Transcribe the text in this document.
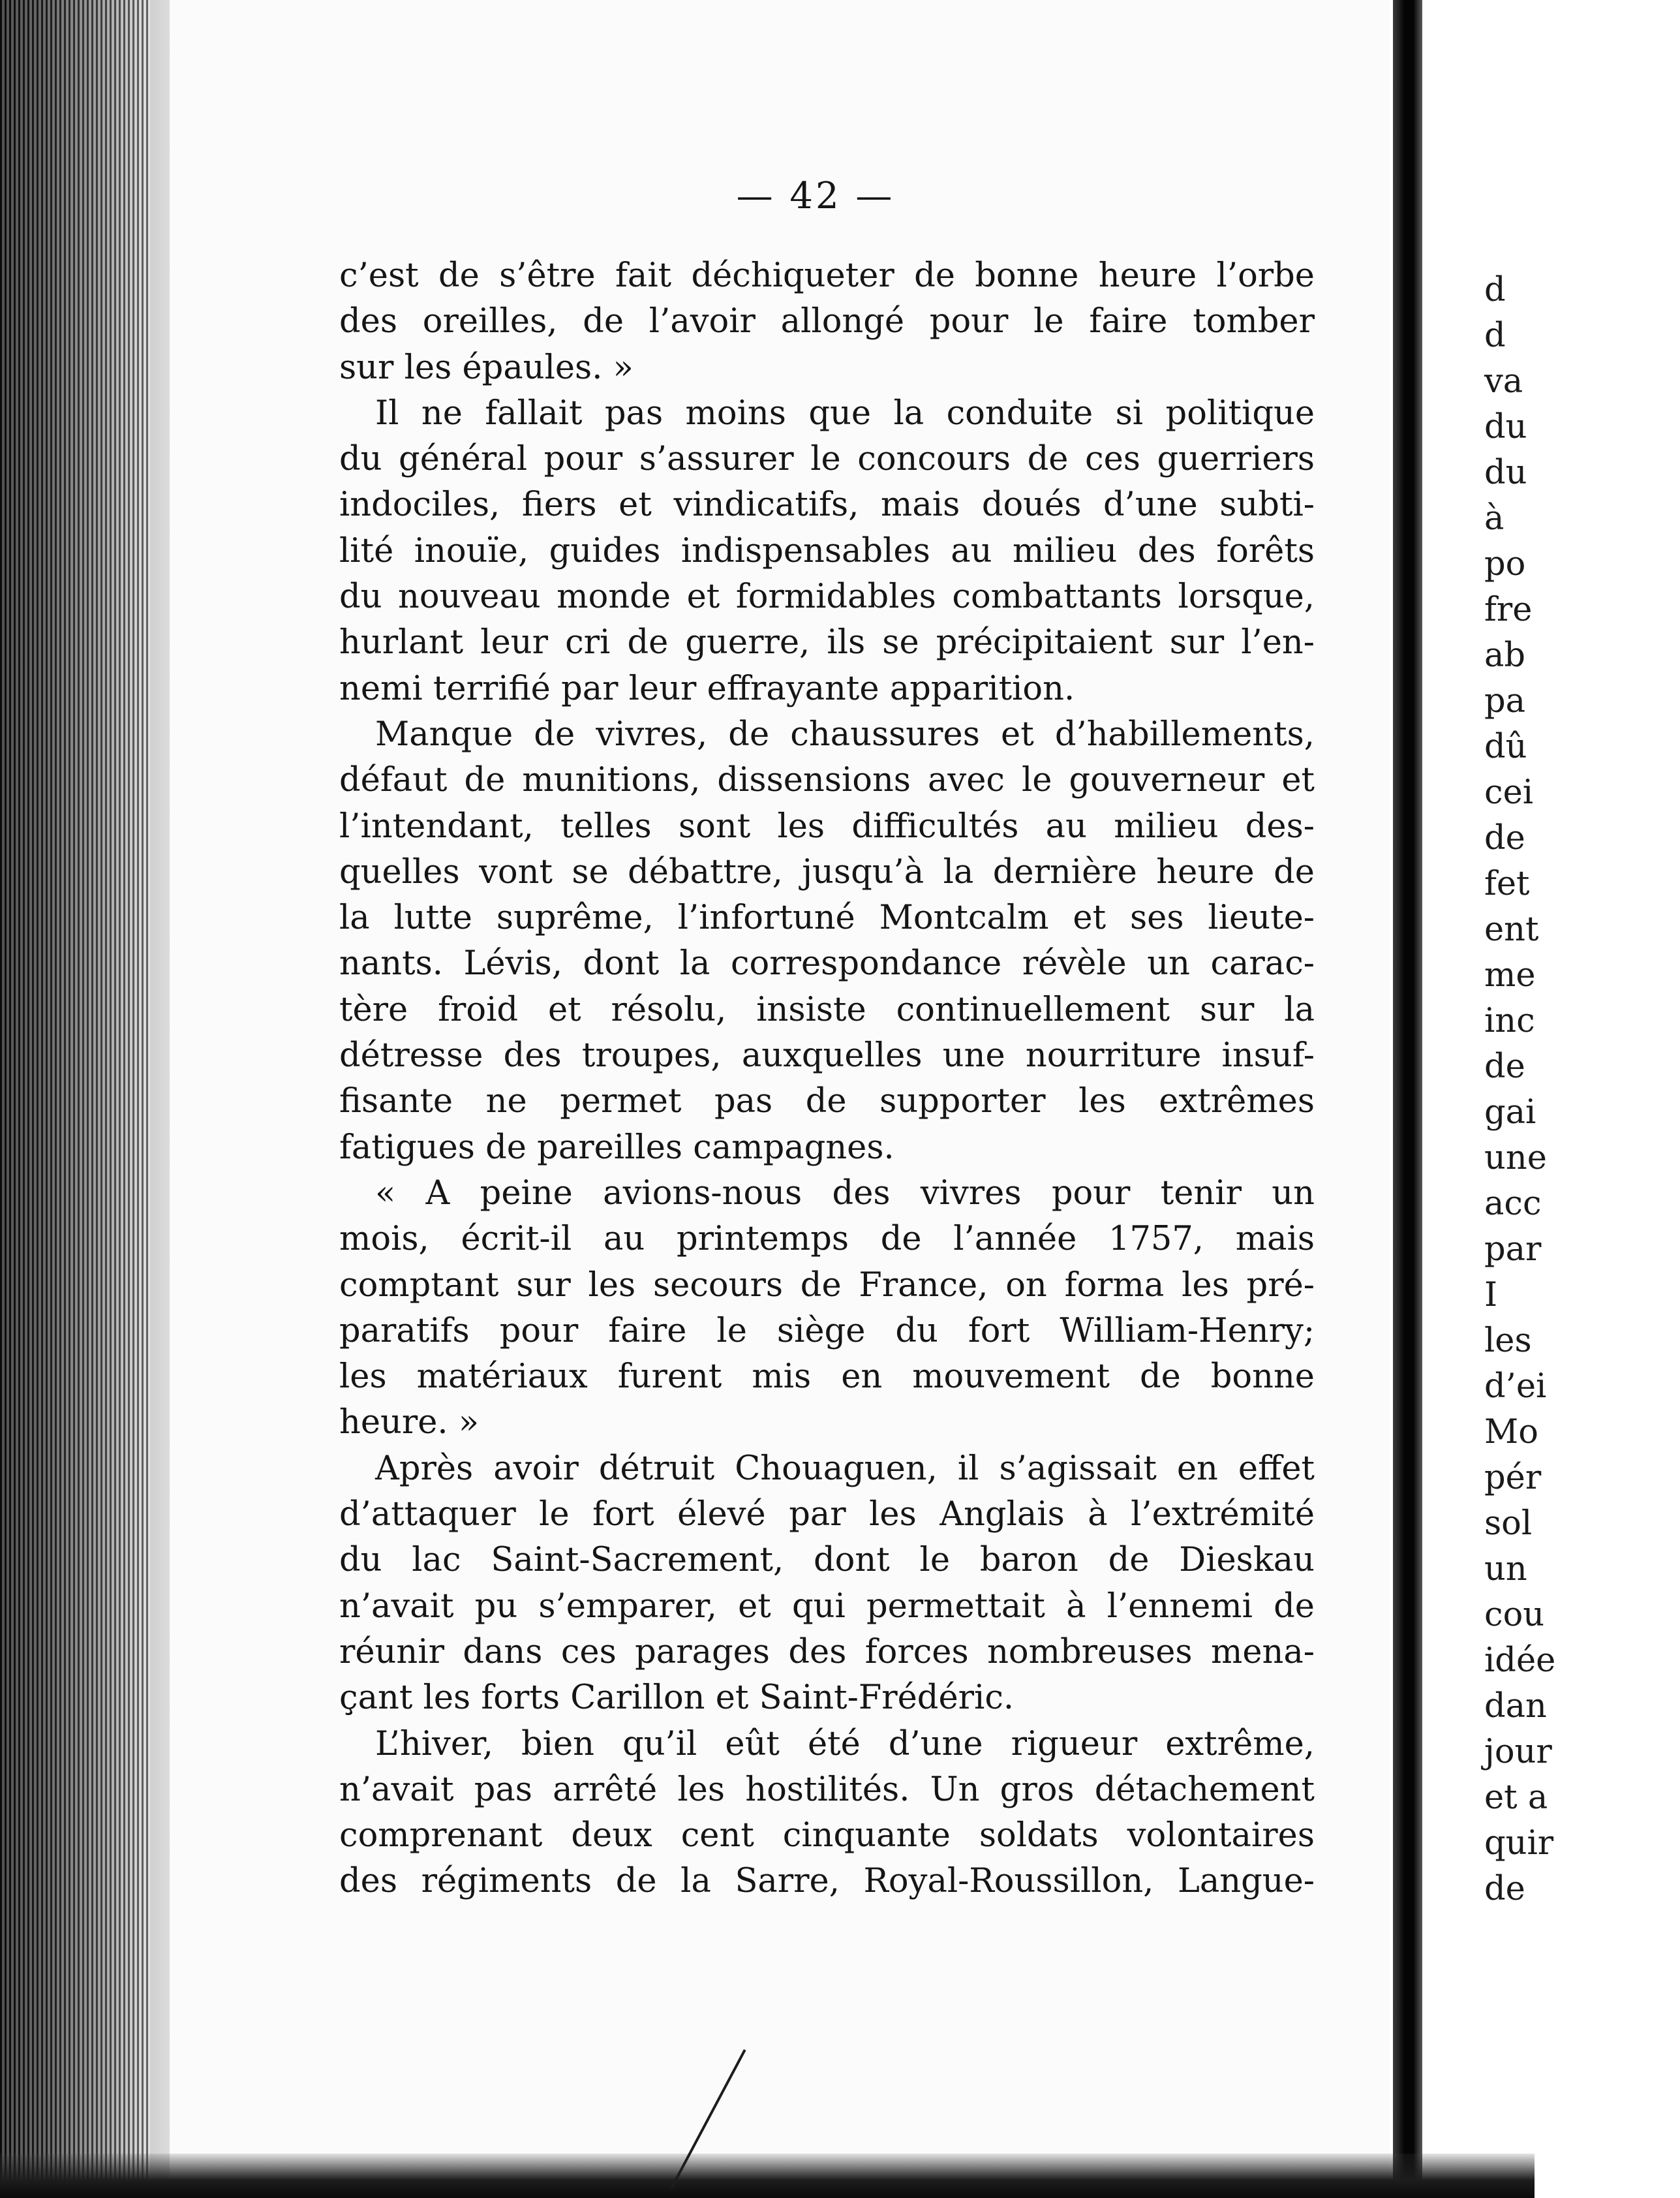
— 42 —
c’est de s’être fait déchiqueter de bonne heure l’orbe
des oreilles, de l’avoir allongé pour le faire tomber
sur les épaules. »
Il ne fallait pas moins que la conduite si politique
du général pour s’assurer le concours de ces guerriers
indociles, fiers et vindicatifs, mais doués d’une subti-
lité inouïe, guides indispensables au milieu des forêts
du nouveau monde et formidables combattants lorsque,
hurlant leur cri de guerre, ils se précipitaient sur l’en-
nemi terrifié par leur effrayante apparition.
Manque de vivres, de chaussures et d’habillements,
défaut de munitions, dissensions avec le gouverneur et
l’intendant, telles sont les difficultés au milieu des-
quelles vont se débattre, jusqu’à la dernière heure de
la lutte suprême, l’infortuné Montcalm et ses lieute-
nants. Lévis, dont la correspondance révèle un carac-
tère froid et résolu, insiste continuellement sur la
détresse des troupes, auxquelles une nourriture insuf-
fisante ne permet pas de supporter les extrêmes
fatigues de pareilles campagnes.
« A peine avions-nous des vivres pour tenir un
mois, écrit-il au printemps de l’année 1757, mais
comptant sur les secours de France, on forma les pré-
paratifs pour faire le siège du fort William-Henry;
les matériaux furent mis en mouvement de bonne
heure. »
Après avoir détruit Chouaguen, il s’agissait en effet
d’attaquer le fort élevé par les Anglais à l’extrémité
du lac Saint-Sacrement, dont le baron de Dieskau
n’avait pu s’emparer, et qui permettait à l’ennemi de
réunir dans ces parages des forces nombreuses mena-
çant les forts Carillon et Saint-Frédéric.
L’hiver, bien qu’il eût été d’une rigueur extrême,
n’avait pas arrêté les hostilités. Un gros détachement
comprenant deux cent cinquante soldats volontaires
des régiments de la Sarre, Royal-Roussillon, Langue-
d
d
va
du
du
à
po
fre
ab
pa
dû
cei
de
fet
ent
me
inc
de
gai
une
acc
par
I
les
d’ei
Mo
pér
sol
un
cou
idée
dan
jour
et a
quir
de
